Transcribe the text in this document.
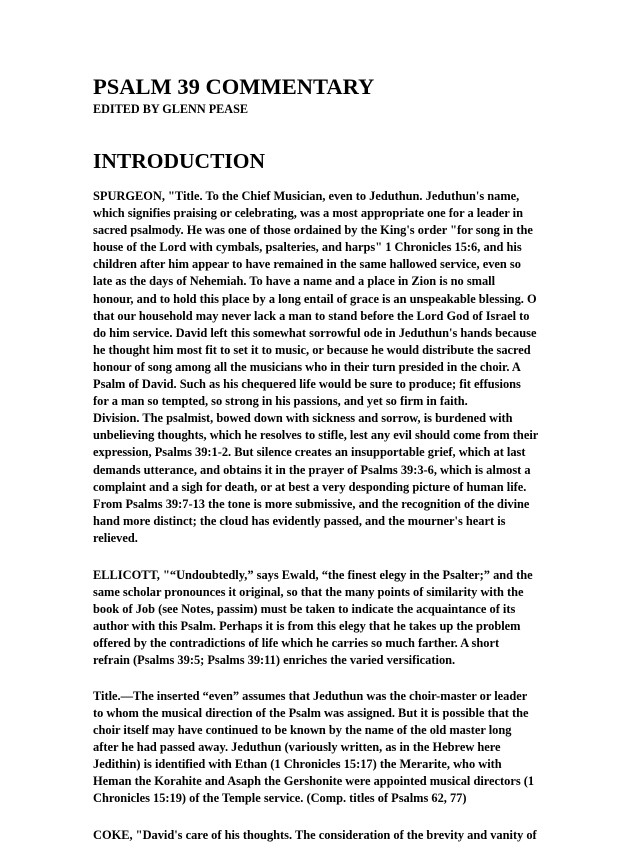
PSALM 39 COMMENTARY
EDITED BY GLENN PEASE
INTRODUCTION
SPURGEON, "Title. To the Chief Musician, even to Jeduthun. Jeduthun's name,
which signifies praising or celebrating, was a most appropriate one for a leader in
sacred psalmody. He was one of those ordained by the King's order "for song in the
house of the Lord with cymbals, psalteries, and harps" 1 Chronicles 15:6, and his
children after him appear to have remained in the same hallowed service, even so
late as the days of Nehemiah. To have a name and a place in Zion is no small
honour, and to hold this place by a long entail of grace is an unspeakable blessing. O
that our household may never lack a man to stand before the Lord God of Israel to
do him service. David left this somewhat sorrowful ode in Jeduthun's hands because
he thought him most fit to set it to music, or because he would distribute the sacred
honour of song among all the musicians who in their turn presided in the choir. A
Psalm of David. Such as his chequered life would be sure to produce; fit effusions
for a man so tempted, so strong in his passions, and yet so firm in faith.
Division. The psalmist, bowed down with sickness and sorrow, is burdened with
unbelieving thoughts, which he resolves to stifle, lest any evil should come from their
expression, Psalms 39:1-2. But silence creates an insupportable grief, which at last
demands utterance, and obtains it in the prayer of Psalms 39:3-6, which is almost a
complaint and a sigh for death, or at best a very desponding picture of human life.
From Psalms 39:7-13 the tone is more submissive, and the recognition of the divine
hand more distinct; the cloud has evidently passed, and the mourner's heart is
relieved.
ELLICOTT, "“Undoubtedly,” says Ewald, “the finest elegy in the Psalter;” and the
same scholar pronounces it original, so that the many points of similarity with the
book of Job (see Notes, passim) must be taken to indicate the acquaintance of its
author with this Psalm. Perhaps it is from this elegy that he takes up the problem
offered by the contradictions of life which he carries so much farther. A short
refrain (Psalms 39:5; Psalms 39:11) enriches the varied versification.
Title.—The inserted “even” assumes that Jeduthun was the choir-master or leader
to whom the musical direction of the Psalm was assigned. But it is possible that the
choir itself may have continued to be known by the name of the old master long
after he had passed away. Jeduthun (variously written, as in the Hebrew here
Jedithin) is identified with Ethan (1 Chronicles 15:17) the Merarite, who with
Heman the Korahite and Asaph the Gershonite were appointed musical directors (1
Chronicles 15:19) of the Temple service. (Comp. titles of Psalms 62, 77)
COKE, "David's care of his thoughts. The consideration of the brevity and vanity of
